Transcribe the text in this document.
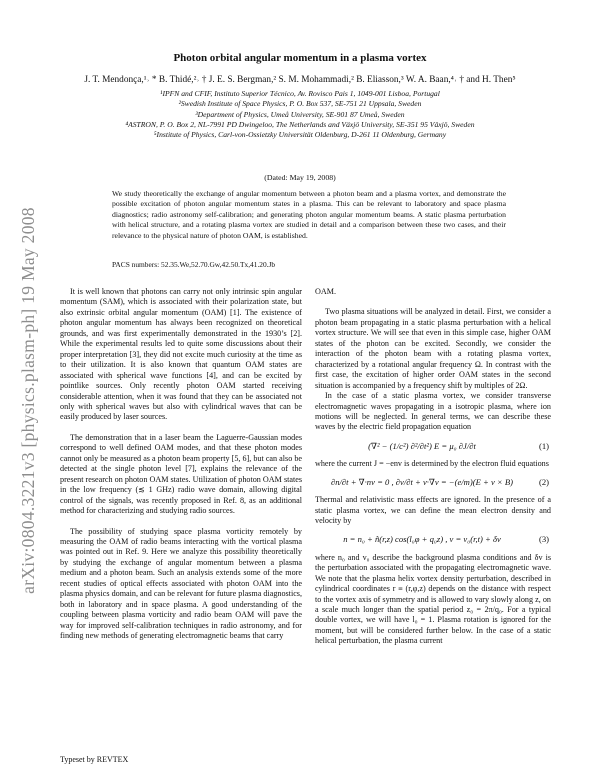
arXiv:0804.3221v3 [physics.plasm-ph] 19 May 2008
Photon orbital angular momentum in a plasma vortex

J. T. Mendonça,¹˒ * B. Thidé,²˒ † J. E. S. Bergman,² S. M. Mohammadi,² B. Eliasson,³ W. A. Baan,⁴˒ † and H. Then⁵

¹IPFN and CFIF, Instituto Superior Técnico, Av. Rovisco Pais 1, 1049-001 Lisboa, Portugal
²Swedish Institute of Space Physics, P. O. Box 537, SE-751 21 Uppsala, Sweden
³Department of Physics, Umeå University, SE-901 87 Umeå, Sweden
⁴ASTRON, P. O. Box 2, NL-7991 PD Dwingeloo, The Netherlands and Växjö University, SE-351 95 Växjö, Sweden
⁵Institute of Physics, Carl-von-Ossietzky Universität Oldenburg, D-261 11 Oldenburg, Germany

(Dated: May 19, 2008)

We study theoretically the exchange of angular momentum between a photon beam and a plasma vortex, and demonstrate the possible excitation of photon angular momentum states in a plasma. This can be relevant to laboratory and space plasma diagnostics; radio astronomy self-calibration; and generating photon angular momentum beams. A static plasma perturbation with helical structure, and a rotating plasma vortex are studied in detail and a comparison between these two cases, and their relevance to the physical nature of photon OAM, is established.

PACS numbers: 52.35.We,52.70.Gw,42.50.Tx,41.20.Jb

It is well known that photons can carry not only intrinsic spin angular momentum (SAM), which is associated with their polarization state, but also extrinsic orbital angular momentum (OAM) [1]. The existence of photon angular momentum has always been recognized on theoretical grounds, and was first experimentally demonstrated in the 1930’s [2]. While the experimental results led to quite some discussions about their proper interpretation [3], they did not excite much curiosity at the time as to their utilization. It is also known that quantum OAM states are associated with spherical wave functions [4], and can be excited by pointlike sources. Only recently photon OAM started receiving considerable attention, when it was found that they can be associated not only with spherical waves but also with cylindrical waves that can be easily produced by laser sources.

The demonstration that in a laser beam the Laguerre-Gaussian modes correspond to well defined OAM modes, and that these photon modes cannot only be measured as a photon beam property [5, 6], but can also be detected at the single photon level [7], explains the relevance of the present research on photon OAM states. Utilization of photon OAM states in the low frequency (≲ 1 GHz) radio wave domain, allowing digital control of the signals, was recently proposed in Ref. 8, as an additional method for characterizing and studying radio sources.

The possibility of studying space plasma vorticity remotely by measuring the OAM of radio beams interacting with the vortical plasma was pointed out in Ref. 9. Here we analyze this possibility theoretically by studying the exchange of angular momentum between a plasma medium and a photon beam. Such an analysis extends some of the more recent studies of optical effects associated with photon OAM into the plasma physics domain, and can be relevant for future plasma diagnostics, both in laboratory and in space plasma. A good understanding of the coupling between plasma vorticity and radio beam OAM will pave the way for improved self-calibration techniques in radio astronomy, and for finding new methods of generating electromagnetic beams that carry

OAM.

Two plasma situations will be analyzed in detail. First, we consider a photon beam propagating in a static plasma perturbation with a helical vortex structure. We will see that even in this simple case, higher OAM states of the photon can be excited. Secondly, we consider the interaction of the photon beam with a rotating plasma vortex, characterized by a rotational angular frequency Ω. In contrast with the first case, the excitation of higher order OAM states in the second situation is accompanied by a frequency shift by multiples of 2Ω.

In the case of a static plasma vortex, we consider transverse electromagnetic waves propagating in a isotropic plasma, where ion motions will be neglected. In general terms, we can describe these waves by the electric field propagation equation

(∇² − (1/c²) ∂²/∂t²) E = μ₀ ∂J/∂t	(1)

where the current J = −env is determined by the electron fluid equations

∂n/∂t + ∇·nv = 0 , ∂v/∂t + v·∇v = −(e/m)(E + v × B)	(2)

Thermal and relativistic mass effects are ignored. In the presence of a static plasma vortex, we can define the mean electron density and velocity by

n = n₀ + ñ(r,z) cos(l₀φ + q₀z) , v = v₀(r,t) + δv	(3)

where n₀ and v₀ describe the background plasma conditions and δv is the perturbation associated with the propagating electromagnetic wave. We note that the plasma helix vortex density perturbation, described in cylindrical coordinates r ≡ (r,φ,z) depends on the distance with respect to the vortex axis of symmetry and is allowed to vary slowly along z, on a scale much longer than the spatial period z₀ = 2π/q₀. For a typical double vortex, we will have l₀ = 1. Plasma rotation is ignored for the moment, but will be considered further below. In the case of a static helical perturbation, the plasma current

Typeset by REVTEX
